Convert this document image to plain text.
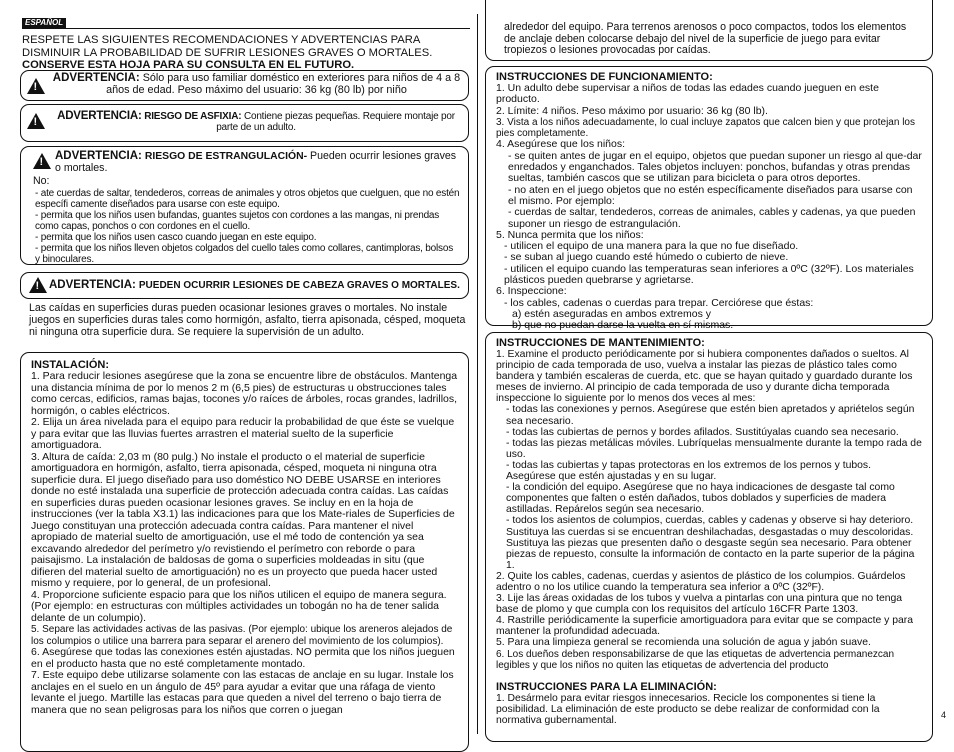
ESPAÑOL
RESPETE LAS SIGUIENTES RECOMENDACIONES Y ADVERTENCIAS PARA DISMINUIR LA PROBABILIDAD DE SUFRIR LESIONES GRAVES O MORTALES.
CONSERVE ESTA HOJA PARA SU CONSULTA EN EL FUTURO.
!
ADVERTENCIA: Sólo para uso familiar doméstico en exteriores para niños de 4 a 8 años de edad. Peso máximo del usuario: 36 kg (80 lb) por niño
!
ADVERTENCIA: RIESGO DE ASFIXIA: Contiene piezas pequeñas. Requiere montaje por parte de un adulto.
!
ADVERTENCIA: RIESGO DE ESTRANGULACIÓN- Pueden ocurrir lesiones graves o mortales.
No:
- ate cuerdas de saltar, tendederos, correas de animales y otros objetos que cuelguen, que no estén específi camente diseñados para usarse con este equipo.
- permita que los niños usen bufandas, guantes sujetos con cordones a las mangas, ni prendas como capas, ponchos o con cordones en el cuello.
- permita que los niños usen casco cuando juegan en este equipo.
- permita que los niños lleven objetos colgados del cuello tales como collares, cantimploras, bolsos y binoculares.
!
ADVERTENCIA: PUEDEN OCURRIR LESIONES DE CABEZA GRAVES O MORTALES.
Las caídas en superficies duras pueden ocasionar lesiones graves o mortales. No instale juegos en superficies duras tales como hormigón, asfalto, tierra apisonada, césped, moqueta ni ninguna otra superficie dura. Se requiere la supervisión de un adulto.
INSTALACIÓN:
1. Para reducir lesiones asegúrese que la zona se encuentre libre de obstáculos. Mantenga una distancia mínima de por lo menos 2 m (6,5 pies) de estructuras u obstrucciones tales como cercas, edificios, ramas bajas, tocones y/o raíces de árboles, rocas grandes, ladrillos, hormigón, o cables eléctricos.
2. Elija un área nivelada para el equipo para reducir la probabilidad de que éste se vuelque y para evitar que las lluvias fuertes arrastren el material suelto de la superficie amortiguadora.
3. Altura de caída: 2,03 m (80 pulg.) No instale el producto o el material de superficie amortiguadora en hormigón, asfalto, tierra apisonada, césped, moqueta ni ninguna otra superficie dura. El juego diseñado para uso doméstico NO DEBE USARSE en interiores donde no esté instalada una superficie de protección adecuada contra caídas. Las caídas en superficies duras pueden ocasionar lesiones graves. Se incluy en en la hoja de instrucciones (ver la tabla X3.1) las indicaciones para que los Mate-riales de Superficies de Juego constituyan una protección adecuada contra caídas. Para mantener el nivel apropiado de material suelto de amortiguación, use el mé todo de contención ya sea excavando alrededor del perímetro y/o revistiendo el perímetro con reborde o para paisajismo. La instalación de baldosas de goma o superficies moldeadas in situ (que difieren del material suelto de amortiguación) no es un proyecto que pueda hacer usted mismo y requiere, por lo general, de un profesional.
4. Proporcione suficiente espacio para que los niños utilicen el equipo de manera segura. (Por ejemplo: en estructuras con múltiples actividades un tobogán no ha de tener salida delante de un columpio).
5. Separe las actividades activas de las pasivas. (Por ejemplo: ubique los areneros alejados de los columpios o utilice una barrera para separar el arenero del movimiento de los columpios).
6. Asegúrese que todas las conexiones estén ajustadas. NO permita que los niños jueguen en el producto hasta que no esté completamente montado.
7. Este equipo debe utilizarse solamente con las estacas de anclaje en su lugar. Instale los anclajes en el suelo en un ángulo de 45º para ayudar a evitar que una ráfaga de viento levante el juego. Martille las estacas para que queden a nivel del terreno o bajo tierra de manera que no sean peligrosas para los niños que corren o juegan
alrededor del equipo. Para terrenos arenosos o poco compactos, todos los elementos de anclaje deben colocarse debajo del nivel de la superficie de juego para evitar tropiezos o lesiones provocadas por caídas.
INSTRUCCIONES DE FUNCIONAMIENTO:
1. Un adulto debe supervisar a niños de todas las edades cuando jueguen en este producto.
2. Límite: 4 niños. Peso máximo por usuario: 36 kg (80 lb).
3. Vista a los niños adecuadamente, lo cual incluye zapatos que calcen bien y que protejan los pies completamente.
4. Asegúrese que los niños:
- se quiten antes de jugar en el equipo, objetos que puedan suponer un riesgo al que-dar enredados y enganchados. Tales objetos incluyen: ponchos, bufandas y otras prendas sueltas, también cascos que se utilizan para bicicleta o para otros deportes.
- no aten en el juego objetos que no estén específicamente diseñados para usarse con el mismo. Por ejemplo:
- cuerdas de saltar, tendederos, correas de animales, cables y cadenas, ya que pueden suponer un riesgo de estrangulación.
5. Nunca permita que los niños:
- utilicen el equipo de una manera para la que no fue diseñado.
- se suban al juego cuando esté húmedo o cubierto de nieve.
- utilicen el equipo cuando las temperaturas sean inferiores a 0ºC (32ºF). Los materiales plásticos pueden quebrarse y agrietarse.
6. Inspeccione:
- los cables, cadenas o cuerdas para trepar. Cerciórese que éstas:
a) estén aseguradas en ambos extremos y
b) que no puedan darse la vuelta en sí mismas.
INSTRUCCIONES DE MANTENIMIENTO:
1. Examine el producto periódicamente por si hubiera componentes dañados o sueltos. Al principio de cada temporada de uso, vuelva a instalar las piezas de plástico tales como bandera y también escaleras de cuerda, etc. que se hayan quitado y guardado durante los meses de invierno. Al principio de cada temporada de uso y durante dicha temporada inspeccione lo siguiente por lo menos dos veces al mes:
- todas las conexiones y pernos. Asegúrese que estén bien apretados y apriételos según sea necesario.
- todas las cubiertas de pernos y bordes afilados. Sustitúyalas cuando sea necesario.
- todas las piezas metálicas móviles. Lubríquelas mensualmente durante la tempo rada de uso.
- todas las cubiertas y tapas protectoras en los extremos de los pernos y tubos. Asegúrese que estén ajustadas y en su lugar.
- la condición del equipo. Asegúrese que no haya indicaciones de desgaste tal como componentes que falten o estén dañados, tubos doblados y superficies de madera astilladas. Repárelos según sea necesario.
- todos los asientos de columpios, cuerdas, cables y cadenas y observe si hay deterioro. Sustituya las cuerdas si se encuentran deshilachadas, desgastadas o muy descoloridas. Sustituya las piezas que presenten daño o desgaste según sea necesario. Para obtener piezas de repuesto, consulte la información de contacto en la parte superior de la página 1.
2. Quite los cables, cadenas, cuerdas y asientos de plástico de los columpios. Guárdelos adentro o no los utilice cuando la temperatura sea inferior a 0ºC (32ºF).
3. Lije las áreas oxidadas de los tubos y vuelva a pintarlas con una pintura que no tenga base de plomo y que cumpla con los requisitos del artículo 16CFR Parte 1303.
4. Rastrille periódicamente la superficie amortiguadora para evitar que se compacte y para mantener la profundidad adecuada.
5. Para una limpieza general se recomienda una solución de agua y jabón suave.
6. Los dueños deben responsabilizarse de que las etiquetas de advertencia permanezcan legibles y que los niños no quiten las etiquetas de advertencia del producto
INSTRUCCIONES PARA LA ELIMINACIÓN:
1. Desármelo para evitar riesgos innecesarios. Recicle los componentes si tiene la posibilidad. La eliminación de este producto se debe realizar de conformidad con la normativa gubernamental.	4
